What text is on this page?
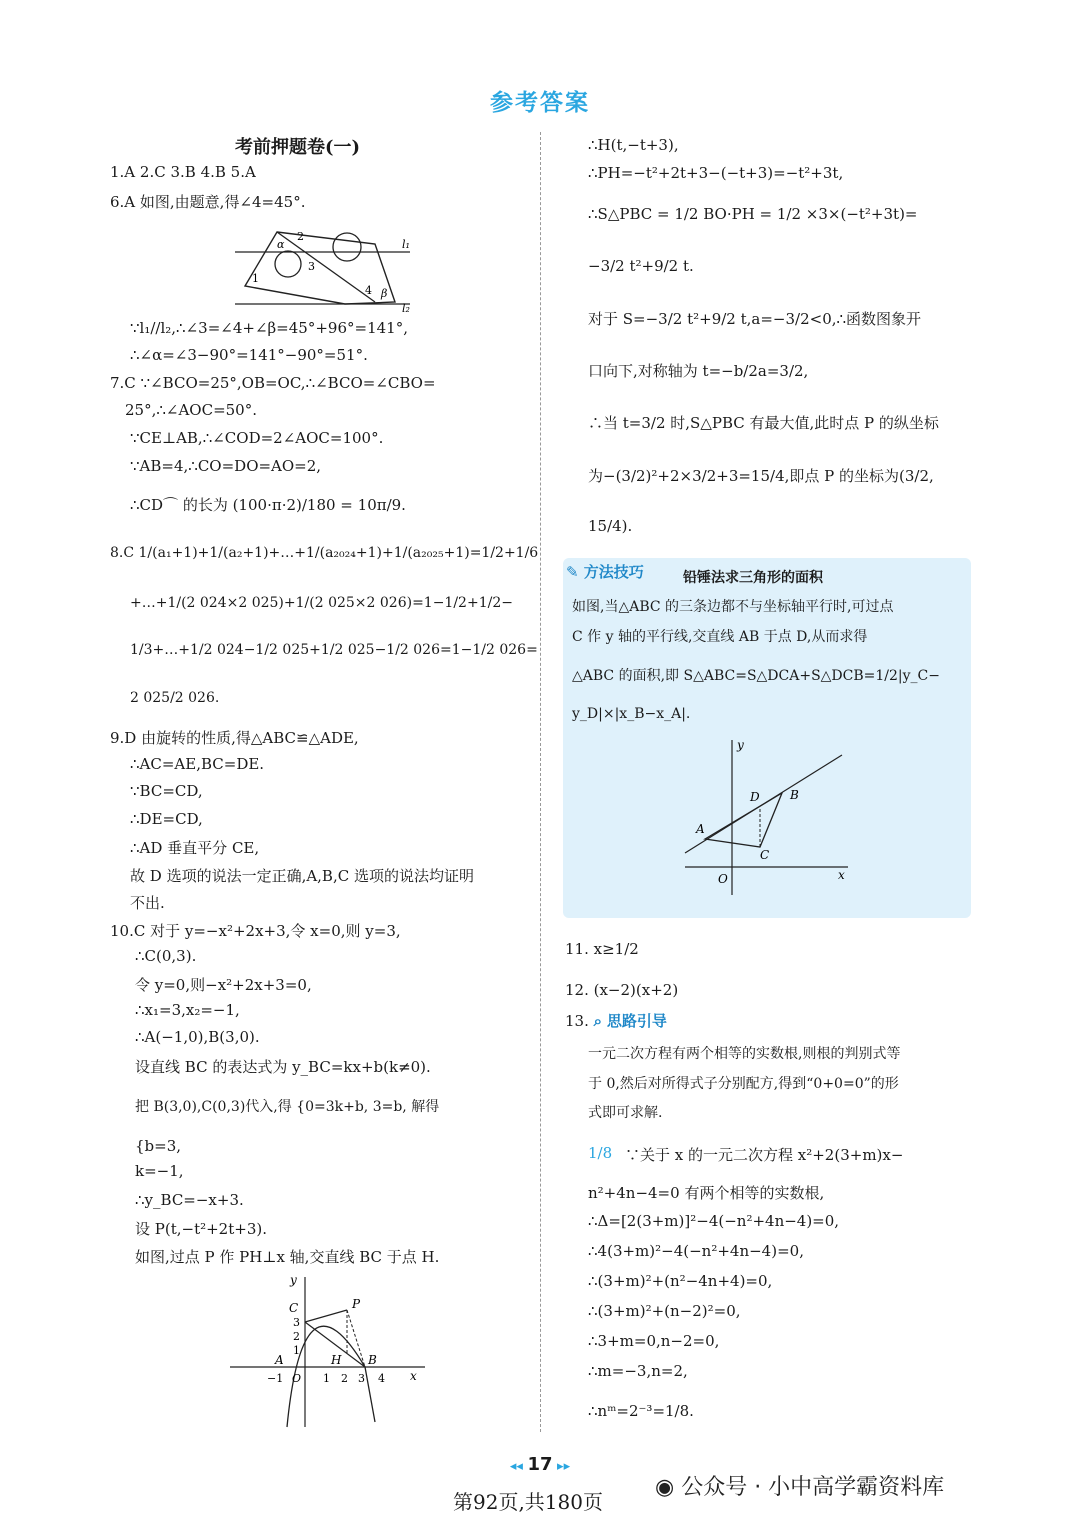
参考答案
考前押题卷(一)
1.A 2.C 3.B 4.B 5.A
6.A 如图,由题意,得∠4=45°.
α
2
3
1
4 β
l₁
l₂
∵l₁//l₂,∴∠3=∠4+∠β=45°+96°=141°,
∴∠α=∠3−90°=141°−90°=51°.
7.C ∵∠BCO=25°,OB=OC,∴∠BCO=∠CBO=
25°,∴∠AOC=50°.
∵CE⊥AB,∴∠COD=2∠AOC=100°.
∵AB=4,∴CO=DO=AO=2,
∴CD⌒ 的长为 (100·π·2)/180 = 10π/9.
8.C 1/(a₁+1)+1/(a₂+1)+…+1/(a₂₀₂₄+1)+1/(a₂₀₂₅+1)=1/2+1/6
+…+1/(2 024×2 025)+1/(2 025×2 026)=1−1/2+1/2−
1/3+…+1/2 024−1/2 025+1/2 025−1/2 026=1−1/2 026=
2 025/2 026.
9.D 由旋转的性质,得△ABC≌△ADE,
∴AC=AE,BC=DE.
∵BC=CD,
∴DE=CD,
∴AD 垂直平分 CE,
故 D 选项的说法一定正确,A,B,C 选项的说法均证明
不出.
10.C 对于 y=−x²+2x+3,令 x=0,则 y=3,
∴C(0,3).
令 y=0,则−x²+2x+3=0,
∴x₁=3,x₂=−1,
∴A(−1,0),B(3,0).
设直线 BC 的表达式为 y_BC=kx+b(k≠0).
把 B(3,0),C(0,3)代入,得 {0=3k+b, 3=b, 解得
{b=3,
k=−1,
∴y_BC=−x+3.
设 P(t,−t²+2t+3).
如图,过点 P 作 PH⊥x 轴,交直线 BC 于点 H.
y
C	P
3
2
1
A	H B
−1 O 1 2 3 4 x
∴H(t,−t+3),
∴PH=−t²+2t+3−(−t+3)=−t²+3t,
∴S△PBC = 1/2 BO·PH = 1/2 ×3×(−t²+3t)=
−3/2 t²+9/2 t.
对于 S=−3/2 t²+9/2 t,a=−3/2<0,∴函数图象开
口向下,对称轴为 t=−b/2a=3/2,
∴当 t=3/2 时,S△PBC 有最大值,此时点 P 的纵坐标
为−(3/2)²+2×3/2+3=15/4,即点 P 的坐标为(3/2,
15/4).
✎ 方法技巧	铅锤法求三角形的面积
如图,当△ABC 的三条边都不与坐标轴平行时,可过点
C 作 y 轴的平行线,交直线 AB 于点 D,从而求得
△ABC 的面积,即 S△ABC=S△DCA+S△DCB=1/2|y_C−
y_D|×|x_B−x_A|.
y
D	B
A
C
O	x
11. x≥1/2
12. (x−2)(x+2)
13. ⌕ 思路引导
一元二次方程有两个相等的实数根,则根的判别式等
于 0,然后对所得式子分别配方,得到“0+0=0”的形
式即可求解.
1/8 ∵关于 x 的一元二次方程 x²+2(3+m)x−
n²+4n−4=0 有两个相等的实数根,
∴Δ=[2(3+m)]²−4(−n²+4n−4)=0,
∴4(3+m)²−4(−n²+4n−4)=0,
∴(3+m)²+(n²−4n+4)=0,
∴(3+m)²+(n−2)²=0,
∴3+m=0,n−2=0,
∴m=−3,n=2,
∴nᵐ=2⁻³=1/8.
◂◂ 17 ▸▸
第92页,共180页
◉ 公众号 · 小中高学霸资料库
